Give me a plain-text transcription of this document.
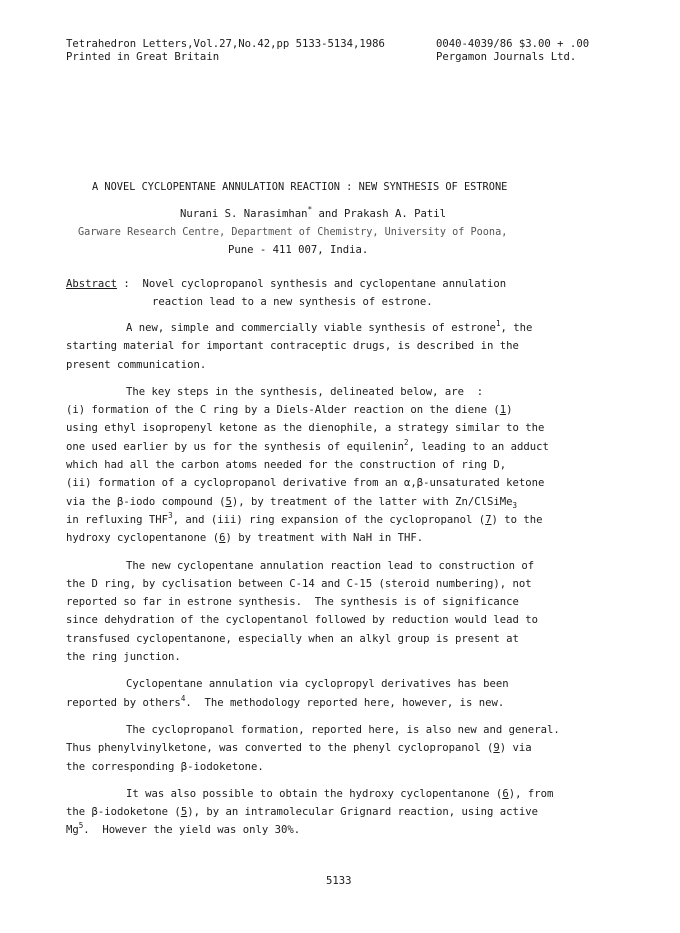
Tetrahedron Letters,Vol.27,No.42,pp 5133-5134,1986
Printed in Great Britain
0040-4039/86 $3.00 + .00
Pergamon Journals Ltd.
A NOVEL CYCLOPENTANE ANNULATION REACTION : NEW SYNTHESIS OF ESTRONE
Nurani S. Narasimhan* and Prakash A. Patil
Garware Research Centre, Department of Chemistry, University of Poona,
Pune - 411 007, India.
Abstract :  Novel cyclopropanol synthesis and cyclopentane annulation
reaction lead to a new synthesis of estrone.
A new, simple and commercially viable synthesis of estrone$^1$, the
starting material for important contraceptic drugs, is described in the
present communication.
The key steps in the synthesis, delineated below, are  :
(i) formation of the C ring by a Diels-Alder reaction on the diene (1)
using ethyl isopropenyl ketone as the dienophile, a strategy similar to the
one used earlier by us for the synthesis of equilenin$^2$, leading to an adduct
which had all the carbon atoms needed for the construction of ring D,
(ii) formation of a cyclopropanol derivative from an α,β-unsaturated ketone
via the β-iodo compound (5), by treatment of the latter with Zn/ClSiMe$_3$
in refluxing THF$^3$, and (iii) ring expansion of the cyclopropanol (7) to the
hydroxy cyclopentanone (6) by treatment with NaH in THF.
The new cyclopentane annulation reaction lead to construction of
the D ring, by cyclisation between C-14 and C-15 (steroid numbering), not
reported so far in estrone synthesis.  The synthesis is of significance
since dehydration of the cyclopentanol followed by reduction would lead to
transfused cyclopentanone, especially when an alkyl group is present at
the ring junction.
Cyclopentane annulation via cyclopropyl derivatives has been
reported by others$^4$.  The methodology reported here, however, is new.
The cyclopropanol formation, reported here, is also new and general.
Thus phenylvinylketone, was converted to the phenyl cyclopropanol (9) via
the corresponding β-iodoketone.
It was also possible to obtain the hydroxy cyclopentanone (6), from
the β-iodoketone (5), by an intramolecular Grignard reaction, using active
Mg$^5$.  However the yield was only 30%.
5133
